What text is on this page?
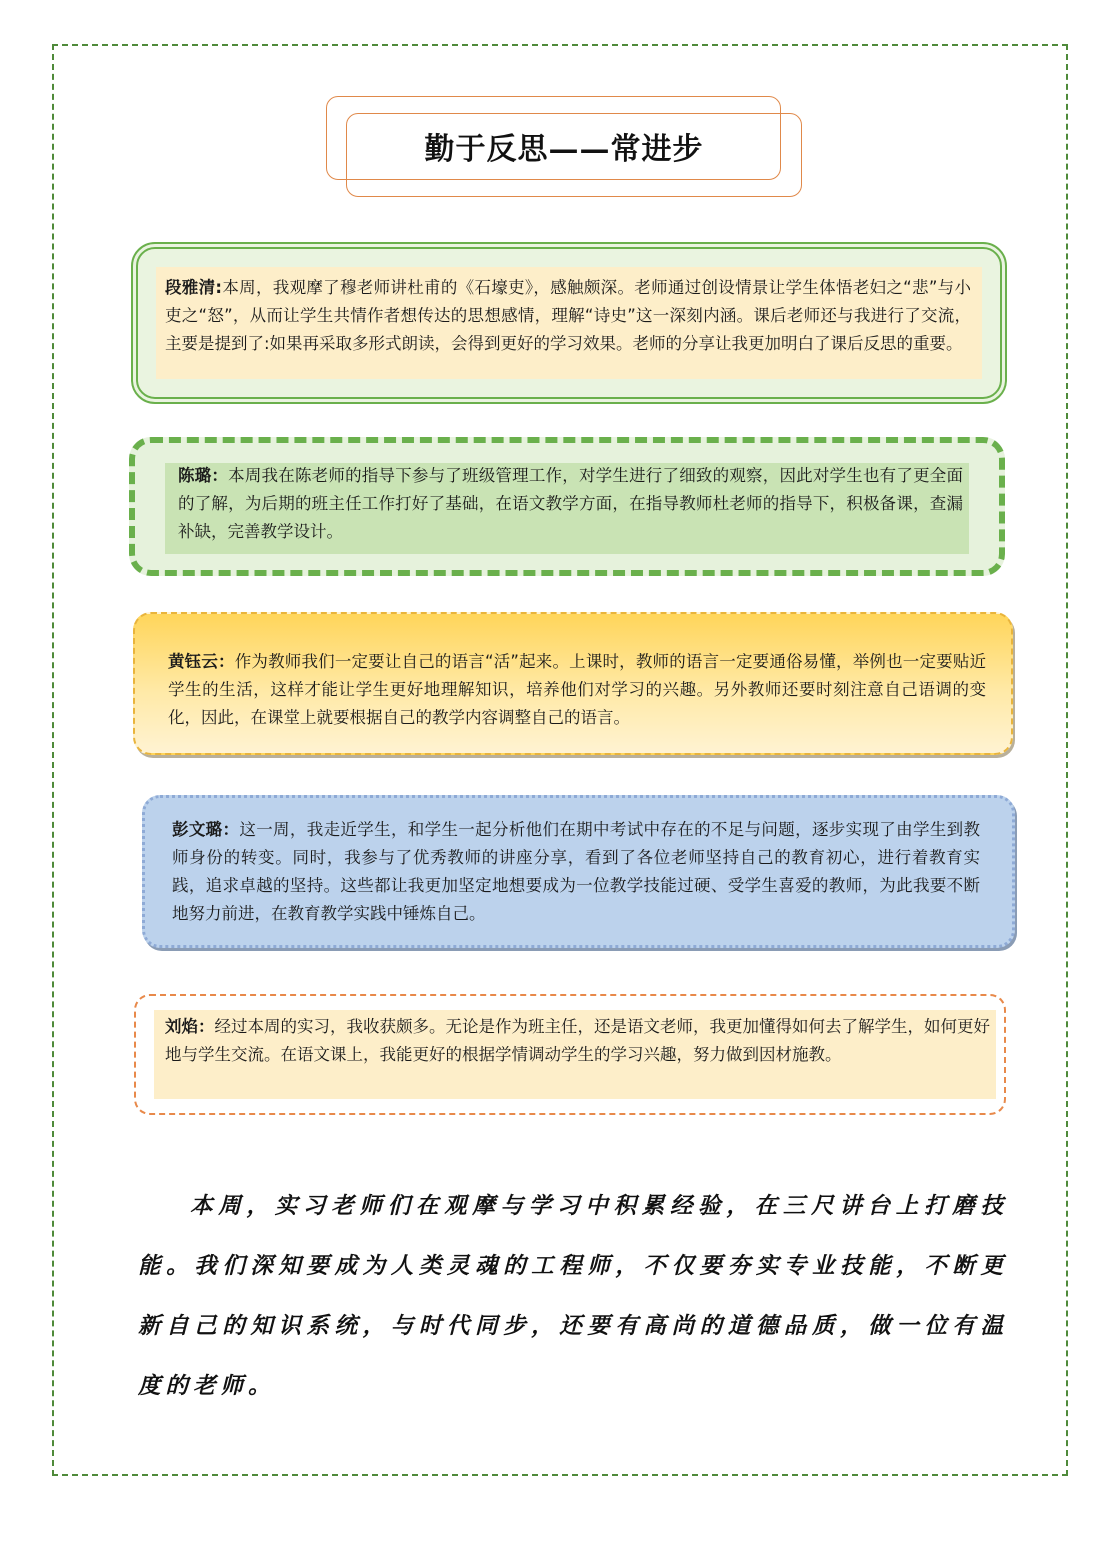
勤于反思——常进步
段雅清:本周，我观摩了穆老师讲杜甫的《石壕吏》，感触颇深。老师通过创设情景让学生体悟老妇之“悲”与小吏之“怒”，从而让学生共情作者想传达的思想感情，理解“诗史”这一深刻内涵。课后老师还与我进行了交流，主要是提到了:如果再采取多形式朗读，会得到更好的学习效果。老师的分享让我更加明白了课后反思的重要。
陈璐：本周我在陈老师的指导下参与了班级管理工作，对学生进行了细致的观察，因此对学生也有了更全面的了解，为后期的班主任工作打好了基础，在语文教学方面，在指导教师杜老师的指导下，积极备课，查漏补缺，完善教学设计。
黄钰云：作为教师我们一定要让自己的语言“活”起来。上课时，教师的语言一定要通俗易懂，举例也一定要贴近学生的生活，这样才能让学生更好地理解知识，培养他们对学习的兴趣。另外教师还要时刻注意自己语调的变化，因此，在课堂上就要根据自己的教学内容调整自己的语言。
彭文璐：这一周，我走近学生，和学生一起分析他们在期中考试中存在的不足与问题，逐步实现了由学生到教师身份的转变。同时，我参与了优秀教师的讲座分享，看到了各位老师坚持自己的教育初心，进行着教育实践，追求卓越的坚持。这些都让我更加坚定地想要成为一位教学技能过硬、受学生喜爱的教师，为此我要不断地努力前进，在教育教学实践中锤炼自己。
刘焰：经过本周的实习，我收获颇多。无论是作为班主任，还是语文老师，我更加懂得如何去了解学生，如何更好地与学生交流。在语文课上，我能更好的根据学情调动学生的学习兴趣，努力做到因材施教。
本周，实习老师们在观摩与学习中积累经验，在三尺讲台上打磨技能。我们深知要成为人类灵魂的工程师，不仅要夯实专业技能，不断更新自己的知识系统，与时代同步，还要有高尚的道德品质，做一位有温度的老师。
